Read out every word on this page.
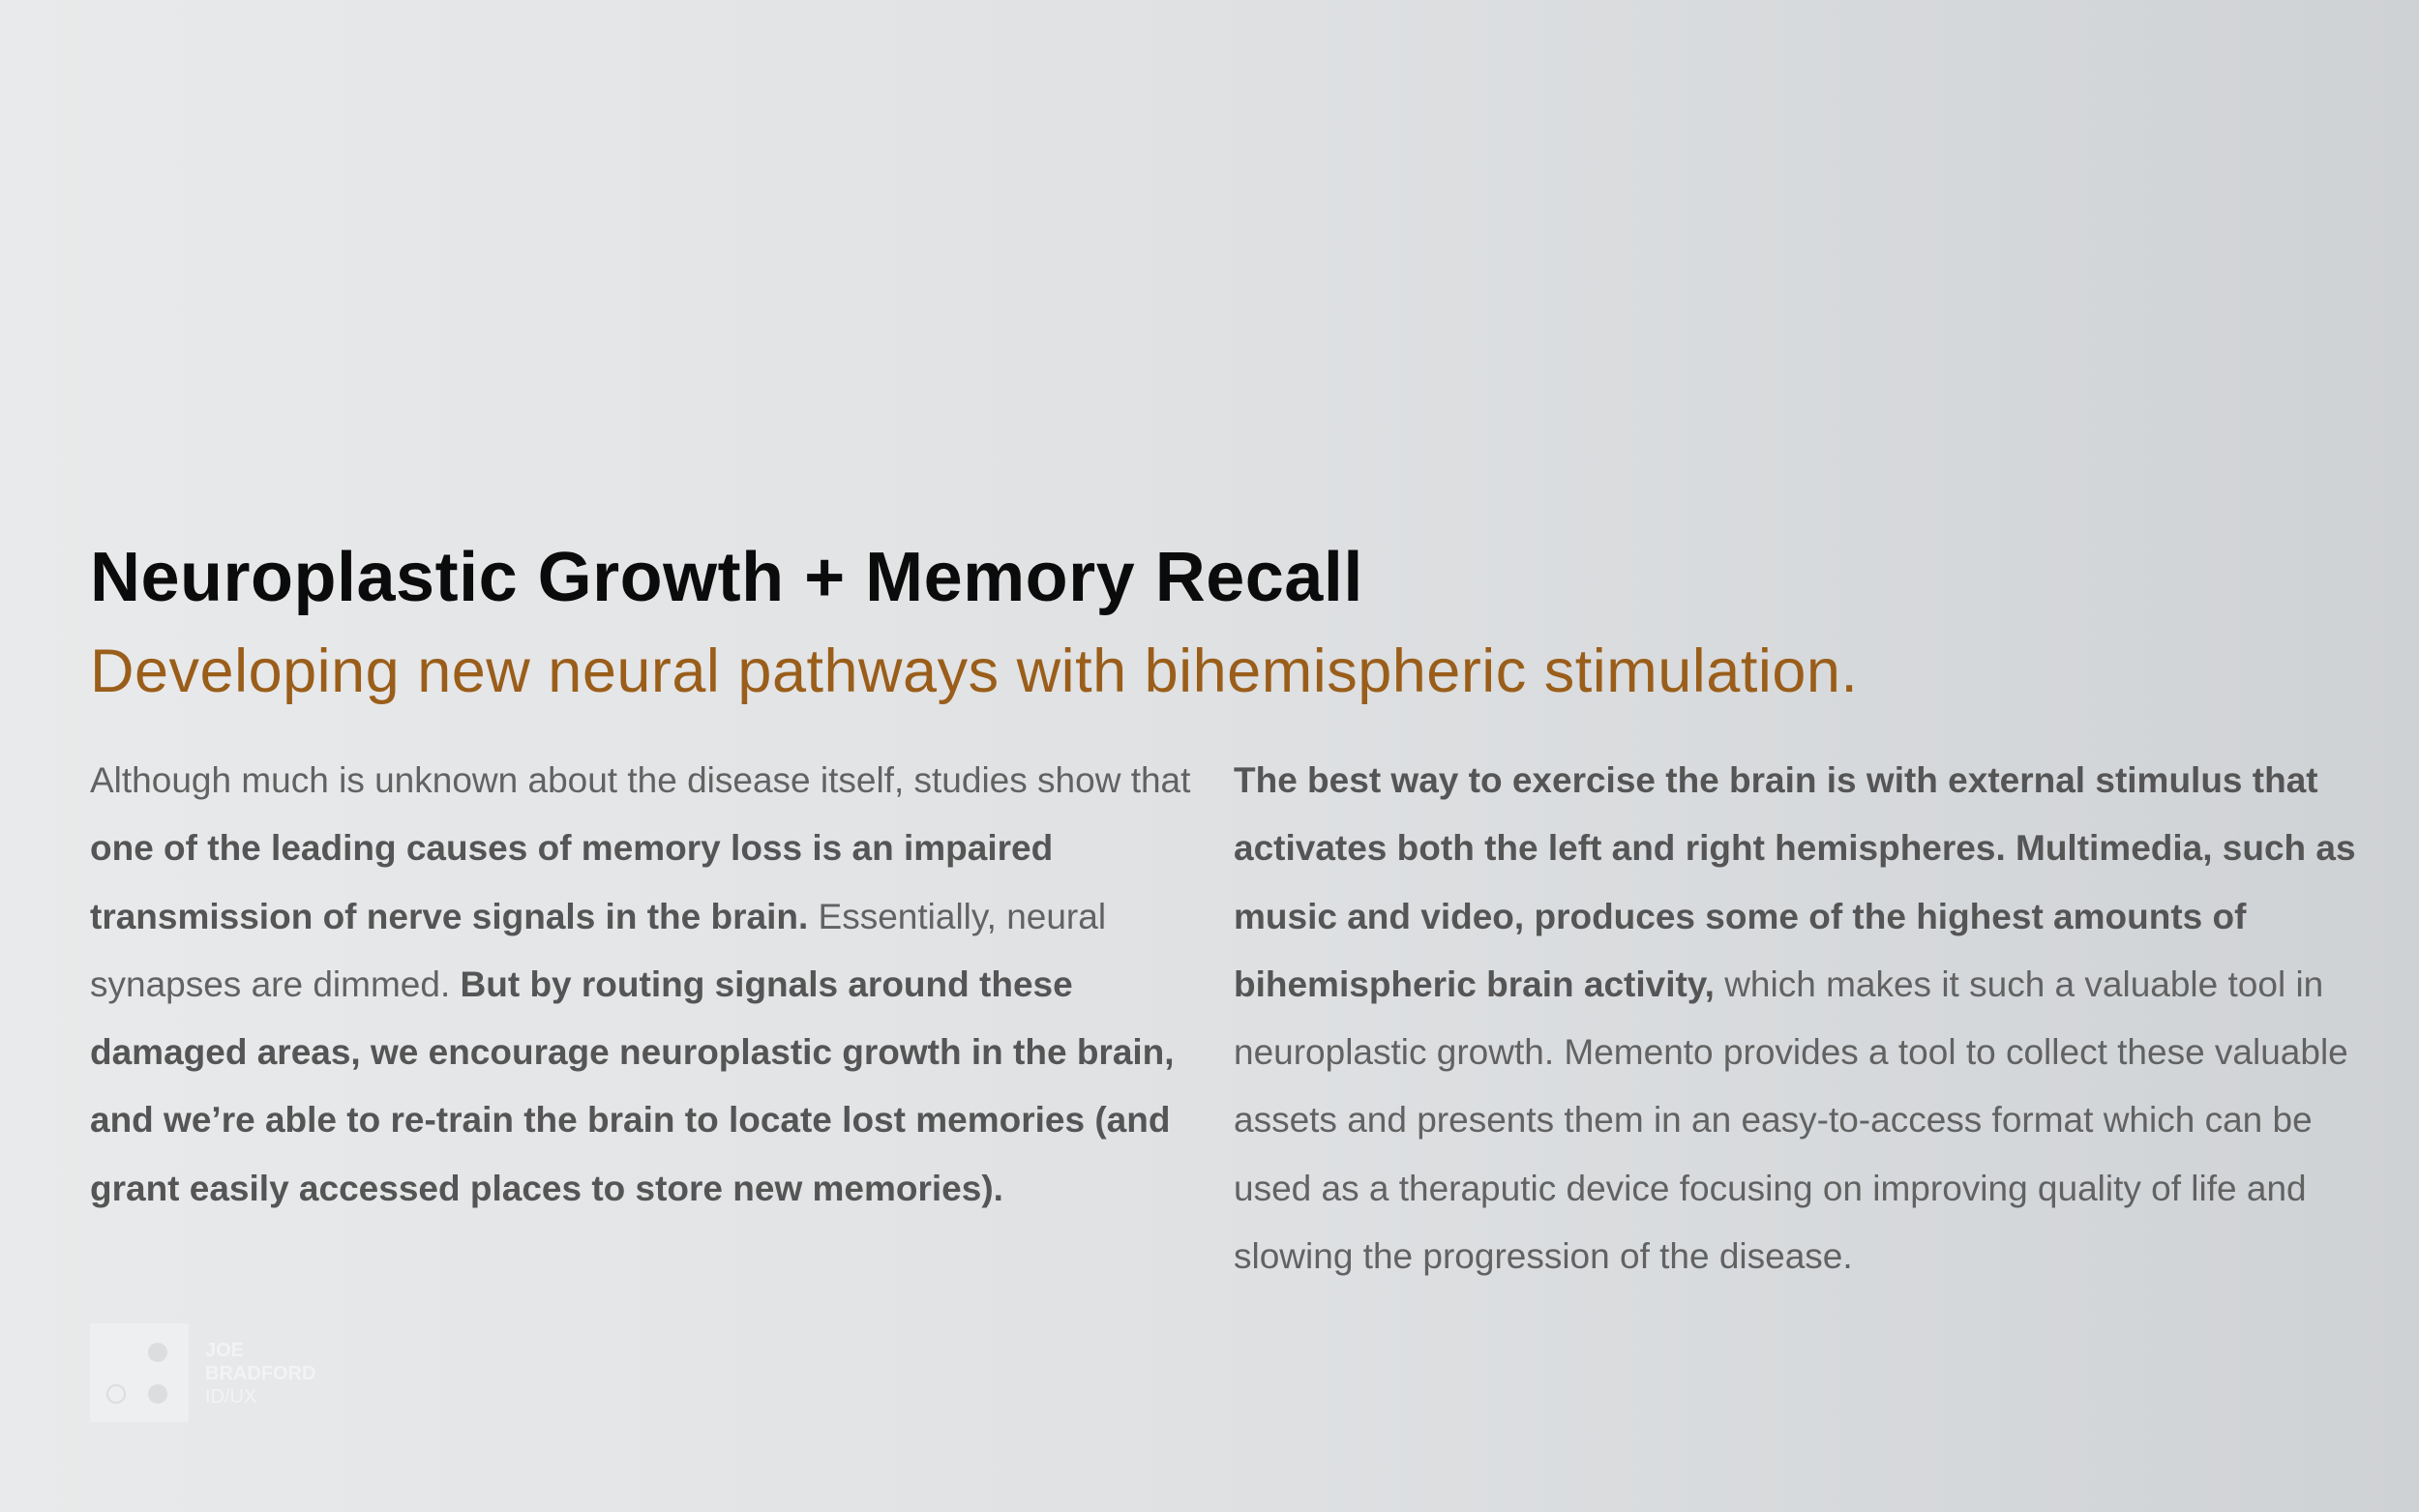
Neuroplastic Growth + Memory Recall
Developing new neural pathways with bihemispheric stimulation.

Although much is unknown about the disease itself, studies show that one of the leading causes of memory loss is an impaired transmission of nerve signals in the brain. Essentially, neural synapses are dimmed. But by routing signals around these damaged areas, we encourage neuroplastic growth in the brain, and we’re able to re-train the brain to locate lost memories (and grant easily accessed places to store new memories).

The best way to exercise the brain is with external stimulus that activates both the left and right hemispheres. Multimedia, such as music and video, produces some of the highest amounts of bihemispheric brain activity, which makes it such a valuable tool in neuroplastic growth. Memento provides a tool to collect these valuable assets and presents them in an easy-to-access format which can be used as a theraputic device focusing on improving quality of life and slowing the progression of the disease.

JOE
BRADFORD
ID/UX
